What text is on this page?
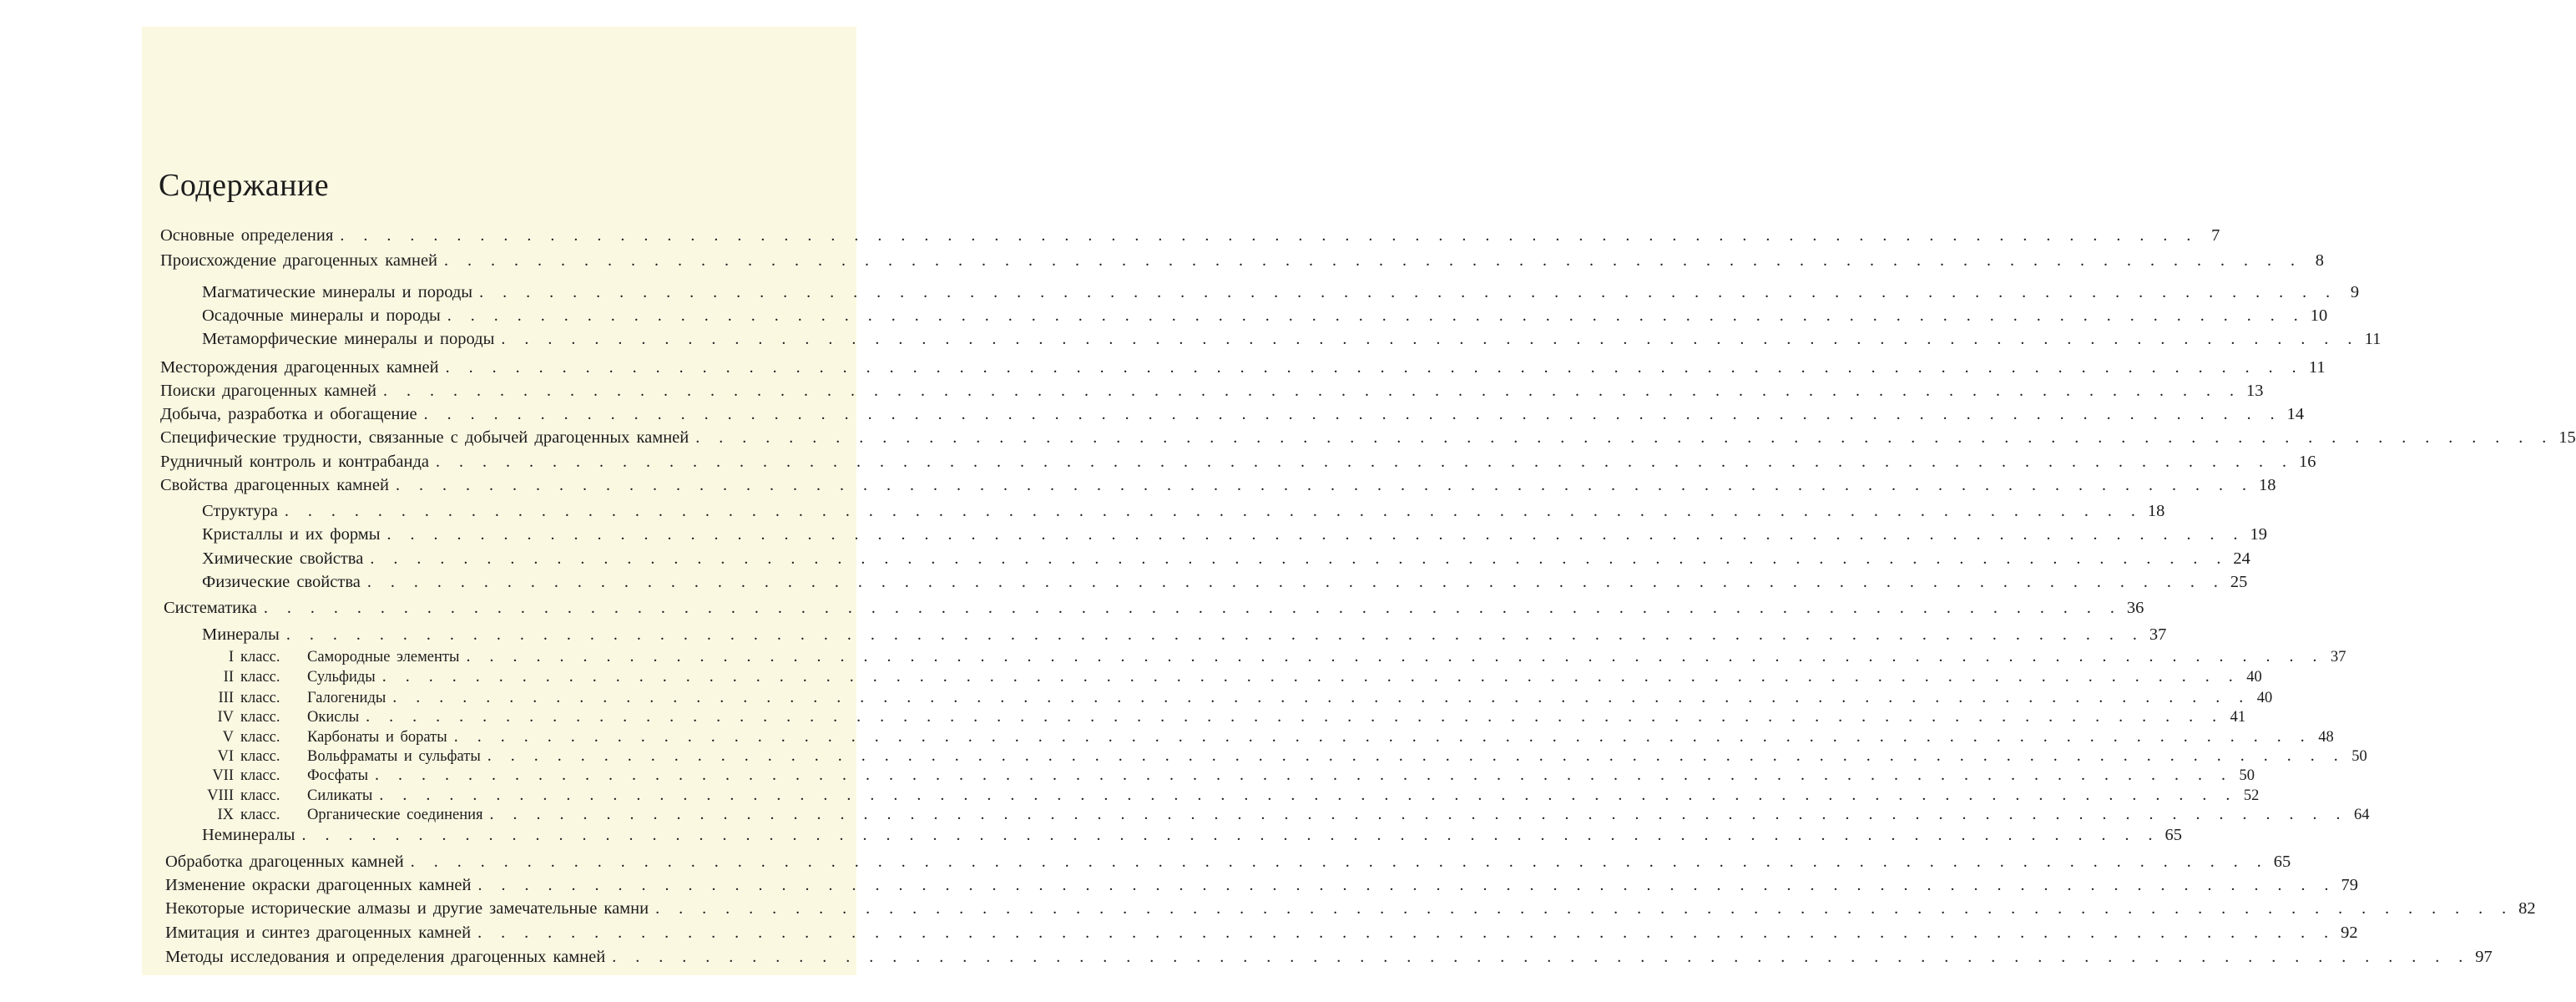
Содержание
Основные определения . . . . . . . . . . . . . . . . . . . . . . . . . . . . . . . . . . . . . . . . . . . . . . . . . . . . . . . . . . . . . . . . . . . . . . . . . . . . . . . . 7
Происхождение драгоценных камней . . . . . . . . . . . . . . . . . . . . . . . . . . . . . . . . . . . . . . . . . . . . . . . . . . . . . . . . . . . . . . . . . . . . . . . . . . . . . . . . 8
Магматические минералы и породы . . . . . . . . . . . . . . . . . . . . . . . . . . . . . . . . . . . . . . . . . . . . . . . . . . . . . . . . . . . . . . . . . . . . . . . . . . . . . . . . 9
Осадочные минералы и породы . . . . . . . . . . . . . . . . . . . . . . . . . . . . . . . . . . . . . . . . . . . . . . . . . . . . . . . . . . . . . . . . . . . . . . . . . . . . . . . . 10
Метаморфические минералы и породы . . . . . . . . . . . . . . . . . . . . . . . . . . . . . . . . . . . . . . . . . . . . . . . . . . . . . . . . . . . . . . . . . . . . . . . . . . . . . . . . 11
Месторождения драгоценных камней . . . . . . . . . . . . . . . . . . . . . . . . . . . . . . . . . . . . . . . . . . . . . . . . . . . . . . . . . . . . . . . . . . . . . . . . . . . . . . . . 11
Поиски драгоценных камней . . . . . . . . . . . . . . . . . . . . . . . . . . . . . . . . . . . . . . . . . . . . . . . . . . . . . . . . . . . . . . . . . . . . . . . . . . . . . . . . 13
Добыча, разработка и обогащение . . . . . . . . . . . . . . . . . . . . . . . . . . . . . . . . . . . . . . . . . . . . . . . . . . . . . . . . . . . . . . . . . . . . . . . . . . . . . . . . 14
Специфические трудности, связанные с добычей драгоценных камней . . . . . . . . . . . . . . . . . . . . . . . . . . . . . . . . . . . . . . . . . . . . . . . . . . . . . . . . . . . . . . . . . . . . . . . . . . . . . . . . 15
Рудничный контроль и контрабанда . . . . . . . . . . . . . . . . . . . . . . . . . . . . . . . . . . . . . . . . . . . . . . . . . . . . . . . . . . . . . . . . . . . . . . . . . . . . . . . . 16
Свойства драгоценных камней . . . . . . . . . . . . . . . . . . . . . . . . . . . . . . . . . . . . . . . . . . . . . . . . . . . . . . . . . . . . . . . . . . . . . . . . . . . . . . . . 18
Структура . . . . . . . . . . . . . . . . . . . . . . . . . . . . . . . . . . . . . . . . . . . . . . . . . . . . . . . . . . . . . . . . . . . . . . . . . . . . . . . . 18
Кристаллы и их формы . . . . . . . . . . . . . . . . . . . . . . . . . . . . . . . . . . . . . . . . . . . . . . . . . . . . . . . . . . . . . . . . . . . . . . . . . . . . . . . . 19
Химические свойства . . . . . . . . . . . . . . . . . . . . . . . . . . . . . . . . . . . . . . . . . . . . . . . . . . . . . . . . . . . . . . . . . . . . . . . . . . . . . . . . 24
Физические свойства . . . . . . . . . . . . . . . . . . . . . . . . . . . . . . . . . . . . . . . . . . . . . . . . . . . . . . . . . . . . . . . . . . . . . . . . . . . . . . . . 25
Систематика . . . . . . . . . . . . . . . . . . . . . . . . . . . . . . . . . . . . . . . . . . . . . . . . . . . . . . . . . . . . . . . . . . . . . . . . . . . . . . . . 36
Минералы . . . . . . . . . . . . . . . . . . . . . . . . . . . . . . . . . . . . . . . . . . . . . . . . . . . . . . . . . . . . . . . . . . . . . . . . . . . . . . . . 37
I класс. Самородные элементы . . . . . . . . . . . . . . . . . . . . . . . . . . . . . . . . . . . . . . . . . . . . . . . . . . . . . . . . . . . . . . . . . . . . . . . . . . . . . . . . 37
II класс. Сульфиды . . . . . . . . . . . . . . . . . . . . . . . . . . . . . . . . . . . . . . . . . . . . . . . . . . . . . . . . . . . . . . . . . . . . . . . . . . . . . . . . 40
III класс. Галогениды . . . . . . . . . . . . . . . . . . . . . . . . . . . . . . . . . . . . . . . . . . . . . . . . . . . . . . . . . . . . . . . . . . . . . . . . . . . . . . . . 40
IV класс. Окислы . . . . . . . . . . . . . . . . . . . . . . . . . . . . . . . . . . . . . . . . . . . . . . . . . . . . . . . . . . . . . . . . . . . . . . . . . . . . . . . . 41
V класс. Карбонаты и бораты . . . . . . . . . . . . . . . . . . . . . . . . . . . . . . . . . . . . . . . . . . . . . . . . . . . . . . . . . . . . . . . . . . . . . . . . . . . . . . . . 48
VI класс. Вольфраматы и сульфаты . . . . . . . . . . . . . . . . . . . . . . . . . . . . . . . . . . . . . . . . . . . . . . . . . . . . . . . . . . . . . . . . . . . . . . . . . . . . . . . . 50
VII класс. Фосфаты . . . . . . . . . . . . . . . . . . . . . . . . . . . . . . . . . . . . . . . . . . . . . . . . . . . . . . . . . . . . . . . . . . . . . . . . . . . . . . . . 50
VIII класс. Силикаты . . . . . . . . . . . . . . . . . . . . . . . . . . . . . . . . . . . . . . . . . . . . . . . . . . . . . . . . . . . . . . . . . . . . . . . . . . . . . . . . 52
IX класс. Органические соединения . . . . . . . . . . . . . . . . . . . . . . . . . . . . . . . . . . . . . . . . . . . . . . . . . . . . . . . . . . . . . . . . . . . . . . . . . . . . . . . . 64
Неминералы . . . . . . . . . . . . . . . . . . . . . . . . . . . . . . . . . . . . . . . . . . . . . . . . . . . . . . . . . . . . . . . . . . . . . . . . . . . . . . . . 65
Обработка драгоценных камней . . . . . . . . . . . . . . . . . . . . . . . . . . . . . . . . . . . . . . . . . . . . . . . . . . . . . . . . . . . . . . . . . . . . . . . . . . . . . . . . 65
Изменение окраски драгоценных камней . . . . . . . . . . . . . . . . . . . . . . . . . . . . . . . . . . . . . . . . . . . . . . . . . . . . . . . . . . . . . . . . . . . . . . . . . . . . . . . . 79
Некоторые исторические алмазы и другие замечательные камни . . . . . . . . . . . . . . . . . . . . . . . . . . . . . . . . . . . . . . . . . . . . . . . . . . . . . . . . . . . . . . . . . . . . . . . . . . . . . . . . 82
Имитация и синтез драгоценных камней . . . . . . . . . . . . . . . . . . . . . . . . . . . . . . . . . . . . . . . . . . . . . . . . . . . . . . . . . . . . . . . . . . . . . . . . . . . . . . . . 92
Методы исследования и определения драгоценных камней . . . . . . . . . . . . . . . . . . . . . . . . . . . . . . . . . . . . . . . . . . . . . . . . . . . . . . . . . . . . . . . . . . . . . . . . . . . . . . . . 97
